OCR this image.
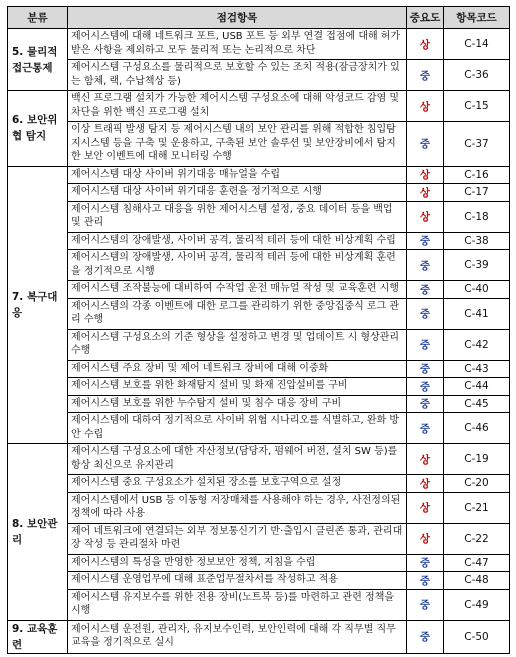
분류	점검항목	중요도	항목코드
5. 물리적 접근통제	제어시스템에 대해 네트워크 포트, USB 포트 등 외부 연결 접점에 대해 허가받은 사항을 제외하고 모두 물리적 또는 논리적으로 차단	상	C-14
	제어시스템 구성요소를 물리적으로 보호할 수 있는 조치 적용(잠금장치가 있는 함체, 랙, 수납책상 등)	중	C-36
6. 보안위협 탐지	백신 프로그램 설치가 가능한 제어시스템 구성요소에 대해 악성코드 감염 및 차단을 위한 백신 프로그램 설치	상	C-15
	이상 트래픽 발생 탐지 등 제어시스템 내의 보안 관리를 위해 적합한 침입탐지시스템 등을 구축 및 운용하고, 구축된 보안 솔루션 및 보안장비에서 탐지한 보안 이벤트에 대해 모니터링 수행	중	C-37
7. 복구대응	제어시스템 대상 사이버 위기대응 매뉴얼을 수립	상	C-16
	제어시스템 대상 사이버 위기대응 훈련을 정기적으로 시행	상	C-17
	제어시스템 침해사고 대응을 위한 제어시스템 설정, 중요 데이터 등을 백업 및 관리	상	C-18
	제어시스템의 장애발생, 사이버 공격, 물리적 테러 등에 대한 비상계획 수립	중	C-38
	제어시스템의 장애발생, 사이버 공격, 물리적 테러 등에 대한 비상계획 훈련을 정기적으로 시행	중	C-39
	제어시스템 조작불능에 대비하여 수작업 운전 매뉴얼 작성 및 교육훈련 시행	중	C-40
	제어시스템의 각종 이벤트에 대한 로그를 관리하기 위한 중앙집중식 로그 관리 수행	중	C-41
	제어시스템 구성요소의 기준 형상을 설정하고 변경 및 업데이트 시 형상관리 수행	중	C-42
	제어시스템 주요 장비 및 제어 네트워크 장비에 대해 이중화	중	C-43
	제어시스템 보호를 위한 화재탐지 설비 및 화재 진압설비를 구비	중	C-44
	제어시스템 보호를 위한 누수탐지 설비 및 침수 대응 장비 구비	중	C-45
	제어시스템에 대하여 정기적으로 사이버 위협 시나리오를 식별하고, 완화 방안 수립	중	C-46
8. 보안관리	제어시스템 구성요소에 대한 자산정보(담당자, 펌웨어 버전, 설치 SW 등)를 항상 최신으로 유지관리	상	C-19
	제어시스템 중요 구성요소가 설치된 장소를 보호구역으로 설정	상	C-20
	제어시스템에서 USB 등 이동형 저장매체를 사용해야 하는 경우, 사전정의된 정책에 따라 사용	상	C-21
	제어 네트워크에 연결되는 외부 정보통신기기 반·출입시 클린존 통과, 관리대장 작성 등 관리절차 마련	상	C-22
	제어시스템의 특성을 반영한 정보보안 정책, 지침을 수립	중	C-47
	제어시스템 운영업무에 대해 표준업무절차서를 작성하고 적용	중	C-48
	제어시스템 유지보수를 위한 전용 장비(노트북 등)를 마련하고 관련 정책을 시행	중	C-49
9. 교육훈련	제어시스템 운전원, 관리자, 유지보수인력, 보안인력에 대해 각 직무별 직무교육을 정기적으로 실시	중	C-50
